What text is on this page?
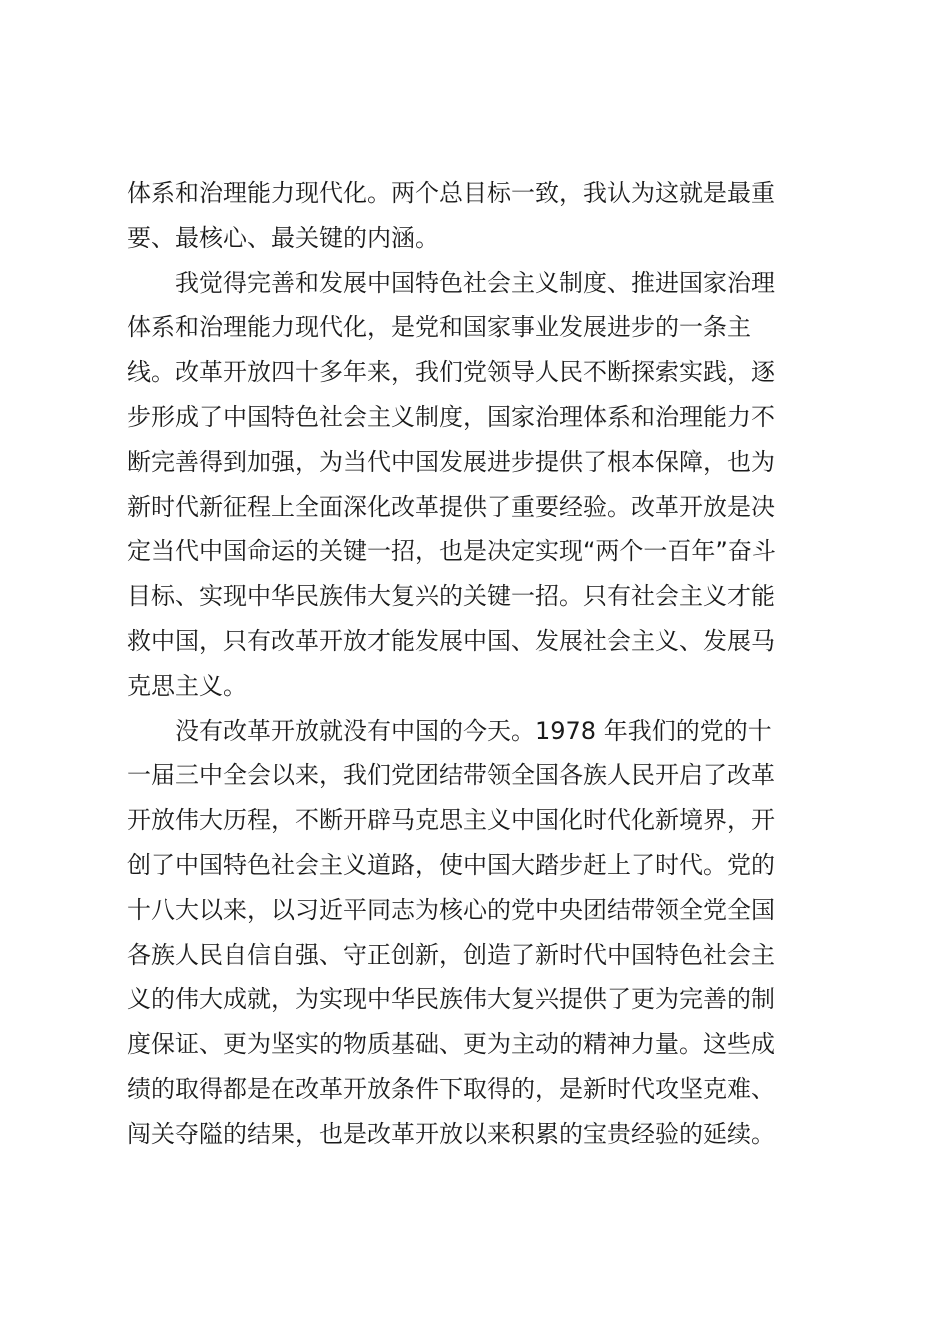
体系和治理能力现代化。两个总目标一致，我认为这就是最重
要、最核心、最关键的内涵。
我觉得完善和发展中国特色社会主义制度、推进国家治理
体系和治理能力现代化，是党和国家事业发展进步的一条主
线。改革开放四十多年来，我们党领导人民不断探索实践，逐
步形成了中国特色社会主义制度，国家治理体系和治理能力不
断完善得到加强，为当代中国发展进步提供了根本保障，也为
新时代新征程上全面深化改革提供了重要经验。改革开放是决
定当代中国命运的关键一招，也是决定实现“两个一百年”奋斗
目标、实现中华民族伟大复兴的关键一招。只有社会主义才能
救中国，只有改革开放才能发展中国、发展社会主义、发展马
克思主义。
没有改革开放就没有中国的今天。1978 年我们的党的十
一届三中全会以来，我们党团结带领全国各族人民开启了改革
开放伟大历程，不断开辟马克思主义中国化时代化新境界，开
创了中国特色社会主义道路，使中国大踏步赶上了时代。党的
十八大以来，以习近平同志为核心的党中央团结带领全党全国
各族人民自信自强、守正创新，创造了新时代中国特色社会主
义的伟大成就，为实现中华民族伟大复兴提供了更为完善的制
度保证、更为坚实的物质基础、更为主动的精神力量。这些成
绩的取得都是在改革开放条件下取得的，是新时代攻坚克难、
闯关夺隘的结果，也是改革开放以来积累的宝贵经验的延续。
